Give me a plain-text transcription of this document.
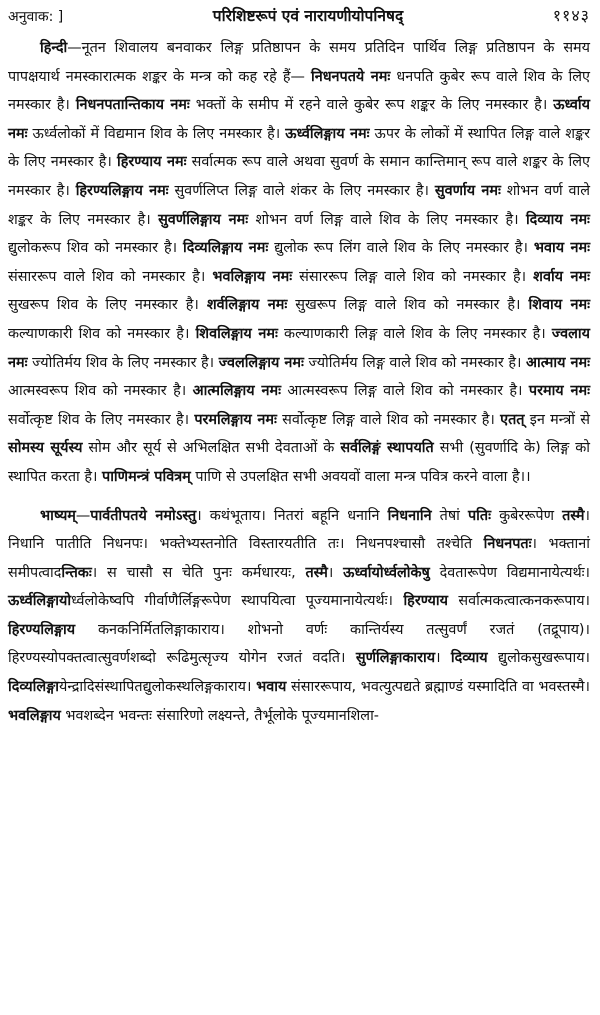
अनुवाक: ]	परिशिष्टरूपं एवं नारायणीयोपनिषद्	११४३

हिन्दी—नूतन शिवालय बनवाकर लिङ्ग प्रतिष्ठापन के समय प्रतिदिन पार्थिव लिङ्ग प्रतिष्ठापन के समय पापक्षयार्थ नमस्कारात्मक शङ्कर के मन्त्र को कह रहे हैं— निधनपतये नमः धनपति कुबेर रूप वाले शिव के लिए नमस्कार है। निधनपतान्तिकाय नमः भक्तों के समीप में रहने वाले कुबेर रूप शङ्कर के लिए नमस्कार है। ऊर्ध्वाय नमः ऊर्ध्वलोकों में विद्यमान शिव के लिए नमस्कार है। ऊर्ध्वलिङ्गाय नमः ऊपर के लोकों में स्थापित लिङ्ग वाले शङ्कर के लिए नमस्कार है। हिरण्याय नमः सर्वात्मक रूप वाले अथवा सुवर्ण के समान कान्तिमान् रूप वाले शङ्कर के लिए नमस्कार है। हिरण्यलिङ्गाय नमः सुवर्णलिप्त लिङ्ग वाले शंकर के लिए नमस्कार है। सुवर्णाय नमः शोभन वर्ण वाले शङ्कर के लिए नमस्कार है। सुवर्णलिङ्गाय नमः शोभन वर्ण लिङ्ग वाले शिव के लिए नमस्कार है। दिव्याय नमः द्युलोकरूप शिव को नमस्कार है। दिव्यलिङ्गाय नमः द्युलोक रूप लिंग वाले शिव के लिए नमस्कार है। भवाय नमः संसाररूप वाले शिव को नमस्कार है। भवलिङ्गाय नमः संसाररूप लिङ्ग वाले शिव को नमस्कार है। शर्वाय नमः सुखरूप शिव के लिए नमस्कार है। शर्वलिङ्गाय नमः सुखरूप लिङ्ग वाले शिव को नमस्कार है। शिवाय नमः कल्याणकारी शिव को नमस्कार है। शिवलिङ्गाय नमः कल्याणकारी लिङ्ग वाले शिव के लिए नमस्कार है। ज्वलाय नमः ज्योतिर्मय शिव के लिए नमस्कार है। ज्वललिङ्गाय नमः ज्योतिर्मय लिङ्ग वाले शिव को नमस्कार है। आत्माय नमः आत्मस्वरूप शिव को नमस्कार है। आत्मलिङ्गाय नमः आत्मस्वरूप लिङ्ग वाले शिव को नमस्कार है। परमाय नमः सर्वोत्कृष्ट शिव के लिए नमस्कार है। परमलिङ्गाय नमः सर्वोत्कृष्ट लिङ्ग वाले शिव को नमस्कार है। एतत् इन मन्त्रों से सोमस्य सूर्यस्य सोम और सूर्य से अभिलक्षित सभी देवताओं के सर्वलिङ्गं स्थापयति सभी (सुवर्णादि के) लिङ्ग को स्थापित करता है। पाणिमन्त्रं पवित्रम् पाणि से उपलक्षित सभी अवयवों वाला मन्त्र पवित्र करने वाला है।।

भाष्यम्—पार्वतीपतये नमोऽस्तु। कथंभूताय। नितरां बहूनि धनानि निधनानि तेषां पतिः कुबेररूपेण तस्मै। निधानि पातीति निधनपः। भक्तेभ्यस्तनोति विस्तारयतीति तः। निधनपश्चासौ तश्चेति निधनपतः। भक्तानां समीपत्वादन्तिकः। स चासौ स चेति पुनः कर्मधारयः, तस्मै। ऊर्ध्वायोर्ध्वलोकेषु देवतारूपेण विद्यमानायेत्यर्थः। ऊर्ध्वलिङ्गायोर्ध्वलोकेष्वपि गीर्वाणैर्लिङ्गरूपेण स्थापयित्वा पूज्यमानायेत्यर्थः। हिरण्याय सर्वात्मकत्वात्कनकरूपाय। हिरण्यलिङ्गाय कनकनिर्मितलिङ्गाकाराय। शोभनो वर्णः कान्तिर्यस्य तत्सुवर्णं रजतं (तद्रूपाय)। हिरण्यस्योपक्तत्वात्सुवर्णशब्दो रूढिमुत्सृज्य योगेन रजतं वदति। सुर्णलिङ्गाकाराय। दिव्याय द्युलोकसुखरूपाय। दिव्यलिङ्गायेन्द्रादिसंस्थापितद्युलोकस्थलिङ्गकाराय। भवाय संसाररूपाय, भवत्युत्पद्यते ब्रह्माण्डं यस्मादिति वा भवस्तस्मै। भवलिङ्गाय भवशब्देन भवन्तः संसारिणो लक्ष्यन्ते, तैर्भूलोके पूज्यमानशिला-
